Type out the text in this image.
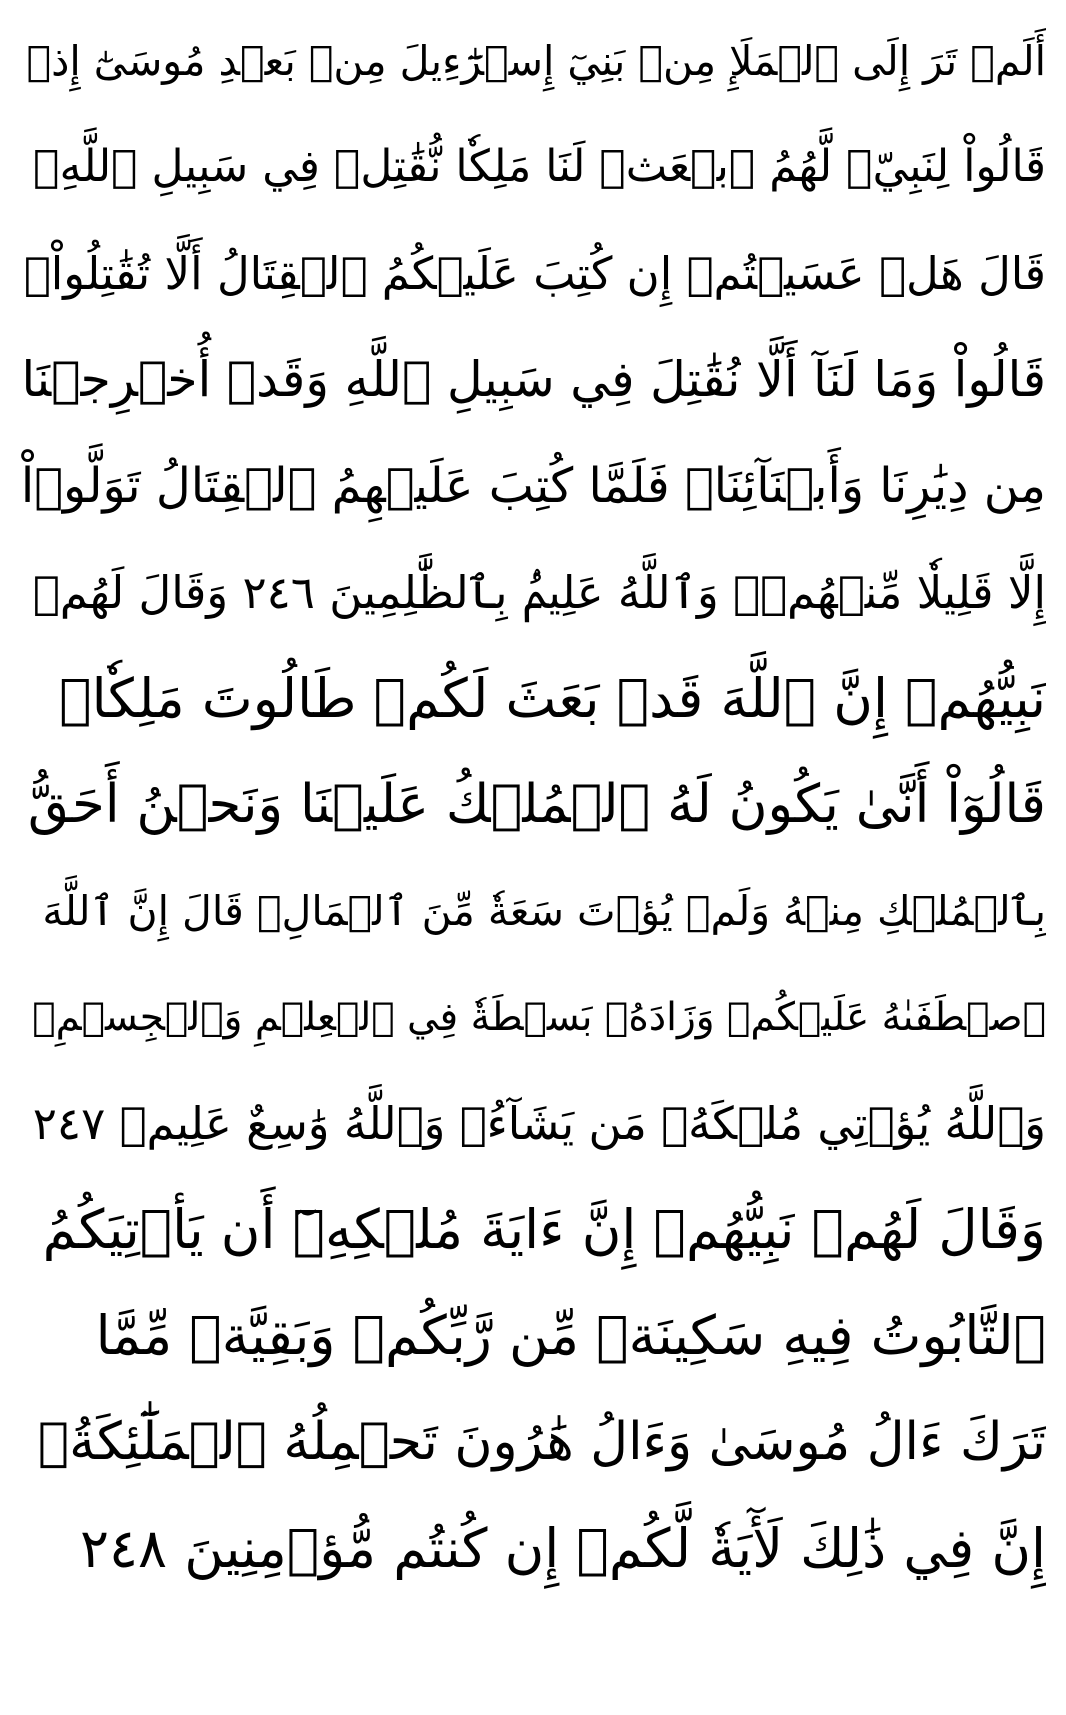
أَلَمۡ تَرَ إِلَى ٱلۡمَلَإِ مِنۢ بَنِيٓ إِسۡرَٰٓءِيلَ مِنۢ بَعۡدِ مُوسَىٰٓ إِذۡ
قَالُواْ لِنَبِيّٖ لَّهُمُ ٱبۡعَثۡ لَنَا مَلِكٗا نُّقَٰتِلۡ فِي سَبِيلِ ٱللَّهِۖ
قَالَ هَلۡ عَسَيۡتُمۡ إِن كُتِبَ عَلَيۡكُمُ ٱلۡقِتَالُ أَلَّا تُقَٰتِلُواْۖ
قَالُواْ وَمَا لَنَآ أَلَّا نُقَٰتِلَ فِي سَبِيلِ ٱللَّهِ وَقَدۡ أُخۡرِجۡنَا
مِن دِيَٰرِنَا وَأَبۡنَآئِنَاۖ فَلَمَّا كُتِبَ عَلَيۡهِمُ ٱلۡقِتَالُ تَوَلَّوۡاْ
إِلَّا قَلِيلٗا مِّنۡهُمۡۚ وَٱللَّهُ عَلِيمُۢ بِٱلظَّٰلِمِينَ ٢٤٦ وَقَالَ لَهُمۡ
نَبِيُّهُمۡ إِنَّ ٱللَّهَ قَدۡ بَعَثَ لَكُمۡ طَالُوتَ مَلِكٗاۚ
قَالُوٓاْ أَنَّىٰ يَكُونُ لَهُ ٱلۡمُلۡكُ عَلَيۡنَا وَنَحۡنُ أَحَقُّ
بِٱلۡمُلۡكِ مِنۡهُ وَلَمۡ يُؤۡتَ سَعَةٗ مِّنَ ٱلۡمَالِۚ قَالَ إِنَّ ٱللَّهَ
ٱصۡطَفَىٰهُ عَلَيۡكُمۡ وَزَادَهُۥ بَسۡطَةٗ فِي ٱلۡعِلۡمِ وَٱلۡجِسۡمِۖ
وَٱللَّهُ يُؤۡتِي مُلۡكَهُۥ مَن يَشَآءُۚ وَٱللَّهُ وَٰسِعٌ عَلِيمٞ ٢٤٧
وَقَالَ لَهُمۡ نَبِيُّهُمۡ إِنَّ ءَايَةَ مُلۡكِهِۦٓ أَن يَأۡتِيَكُمُ
ٱلتَّابُوتُ فِيهِ سَكِينَةٞ مِّن رَّبِّكُمۡ وَبَقِيَّةٞ مِّمَّا
تَرَكَ ءَالُ مُوسَىٰ وَءَالُ هَٰرُونَ تَحۡمِلُهُ ٱلۡمَلَٰٓئِكَةُۚ
إِنَّ فِي ذَٰلِكَ لَأٓيَةٗ لَّكُمۡ إِن كُنتُم مُّؤۡمِنِينَ ٢٤٨
